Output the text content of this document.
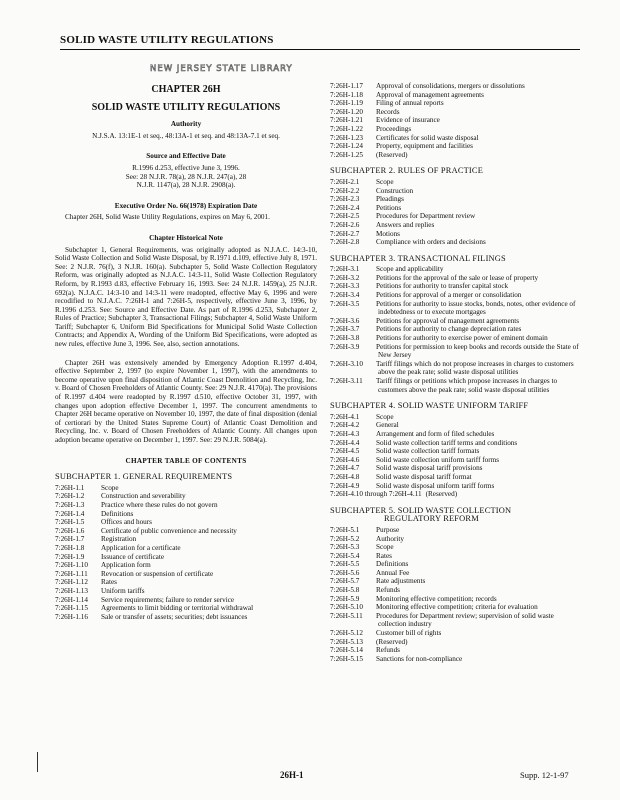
SOLID WASTE UTILITY REGULATIONS
NEW JERSEY STATE LIBRARY
CHAPTER 26H
SOLID WASTE UTILITY REGULATIONS
Authority
N.J.S.A. 13:1E-1 et seq., 48:13A-1 et seq. and 48:13A-7.1 et seq.
Source and Effective Date
R.1996 d.253, effective June 3, 1996.
See: 28 N.J.R. 78(a), 28 N.J.R. 247(a), 28
N.J.R. 1147(a), 28 N.J.R. 2908(a).
Executive Order No. 66(1978) Expiration Date

Chapter 26H, Solid Waste Utility Regulations, expires on May 6, 2001.

Chapter Historical Note

Subchapter 1, General Requirements, was originally adopted as N.J.A.C. 14:3-10, Solid Waste Collection and Solid Waste Disposal, by R.1971 d.109, effective July 8, 1971. See: 2 N.J.R. 76(f), 3 N.J.R. 160(a). Subchapter 5, Solid Waste Collection Regulatory Reform, was originally adopted as N.J.A.C. 14:3-11, Solid Waste Collection Regulatory Reform, by R.1993 d.83, effective February 16, 1993. See: 24 N.J.R. 1459(a), 25 N.J.R. 692(a). N.J.A.C. 14:3-10 and 14:3-11 were readopted, effective May 6, 1996 and were recodified to N.J.A.C. 7:26H-1 and 7:26H-5, respectively, effective June 3, 1996, by R.1996 d.253. See: Source and Effective Date. As part of R.1996 d.253, Subchapter 2, Rules of Practice; Subchapter 3, Transactional Filings; Subchapter 4, Solid Waste Uniform Tariff; Subchapter 6, Uniform Bid Specifications for Municipal Solid Waste Collection Contracts; and Appendix A, Wording of the Uniform Bid Specifications, were adopted as new rules, effective June 3, 1996. See, also, section annotations.

Chapter 26H was extensively amended by Emergency Adoption R.1997 d.404, effective September 2, 1997 (to expire November 1, 1997), with the amendments to become operative upon final disposition of Atlantic Coast Demolition and Recycling, Inc. v. Board of Chosen Freeholders of Atlantic County. See: 29 N.J.R. 4170(a). The provisions of R.1997 d.404 were readopted by R.1997 d.510, effective October 31, 1997, with changes upon adoption effective December 1, 1997. The concurrent amendments to Chapter 26H became operative on November 10, 1997, the date of final disposition (denial of certiorari by the United States Supreme Court) of Atlantic Coast Demolition and Recycling, Inc. v. Board of Chosen Freeholders of Atlantic County. All changes upon adoption became operative on December 1, 1997. See: 29 N.J.R. 5084(a).

CHAPTER TABLE OF CONTENTS
SUBCHAPTER 1. GENERAL REQUIREMENTS
7:26H-1.1 Scope
7:26H-1.2 Construction and severability
7:26H-1.3 Practice where these rules do not govern
7:26H-1.4 Definitions
7:26H-1.5 Offices and hours
7:26H-1.6 Certificate of public convenience and necessity
7:26H-1.7 Registration
7:26H-1.8 Application for a certificate
7:26H-1.9 Issuance of certificate
7:26H-1.10 Application form
7:26H-1.11 Revocation or suspension of certificate
7:26H-1.12 Rates
7:26H-1.13 Uniform tariffs
7:26H-1.14 Service requirements; failure to render service
7:26H-1.15 Agreements to limit bidding or territorial withdrawal
7:26H-1.16 Sale or transfer of assets; securities; debt issuances
7:26H-1.17 Approval of consolidations, mergers or dissolutions
7:26H-1.18 Approval of management agreements
7:26H-1.19 Filing of annual reports
7:26H-1.20 Records
7:26H-1.21 Evidence of insurance
7:26H-1.22 Proceedings
7:26H-1.23 Certificates for solid waste disposal
7:26H-1.24 Property, equipment and facilities
7:26H-1.25 (Reserved)
SUBCHAPTER 2. RULES OF PRACTICE
7:26H-2.1 Scope
7:26H-2.2 Construction
7:26H-2.3 Pleadings
7:26H-2.4 Petitions
7:26H-2.5 Procedures for Department review
7:26H-2.6 Answers and replies
7:26H-2.7 Motions
7:26H-2.8 Compliance with orders and decisions
SUBCHAPTER 3. TRANSACTIONAL FILINGS
7:26H-3.1 Scope and applicability
7:26H-3.2 Petitions for the approval of the sale or lease of property
7:26H-3.3 Petitions for authority to transfer capital stock
7:26H-3.4 Petitions for approval of a merger or consolidation
7:26H-3.5 Petitions for authority to issue stocks, bonds, notes, other evidence of indebtedness or to execute mortgages
7:26H-3.6 Petitions for approval of management agreements
7:26H-3.7 Petitions for authority to change depreciation rates
7:26H-3.8 Petitions for authority to exercise power of eminent domain
7:26H-3.9 Petitions for permission to keep books and records outside the State of New Jersey
7:26H-3.10 Tariff filings which do not propose increases in charges to customers above the peak rate; solid waste disposal utilities
7:26H-3.11 Tariff filings or petitions which propose increases in charges to customers above the peak rate; solid waste disposal utilities
SUBCHAPTER 4. SOLID WASTE UNIFORM TARIFF
7:26H-4.1 Scope
7:26H-4.2 General
7:26H-4.3 Arrangement and form of filed schedules
7:26H-4.4 Solid waste collection tariff terms and conditions
7:26H-4.5 Solid waste collection tariff formats
7:26H-4.6 Solid waste collection uniform tariff forms
7:26H-4.7 Solid waste disposal tariff provisions
7:26H-4.8 Solid waste disposal tariff format
7:26H-4.9 Solid waste disposal uniform tariff forms
7:26H-4.10 through 7:26H-4.11 (Reserved)
SUBCHAPTER 5. SOLID WASTE COLLECTION
REGULATORY REFORM
7:26H-5.1 Purpose
7:26H-5.2 Authority
7:26H-5.3 Scope
7:26H-5.4 Rates
7:26H-5.5 Definitions
7:26H-5.6 Annual Fee
7:26H-5.7 Rate adjustments
7:26H-5.8 Refunds
7:26H-5.9 Monitoring effective competition; records
7:26H-5.10 Monitoring effective competition; criteria for evaluation
7:26H-5.11 Procedures for Department review; supervision of solid waste collection industry
7:26H-5.12 Customer bill of rights
7:26H-5.13 (Reserved)
7:26H-5.14 Refunds
7:26H-5.15 Sanctions for non-compliance
26H-1	Supp. 12-1-97
